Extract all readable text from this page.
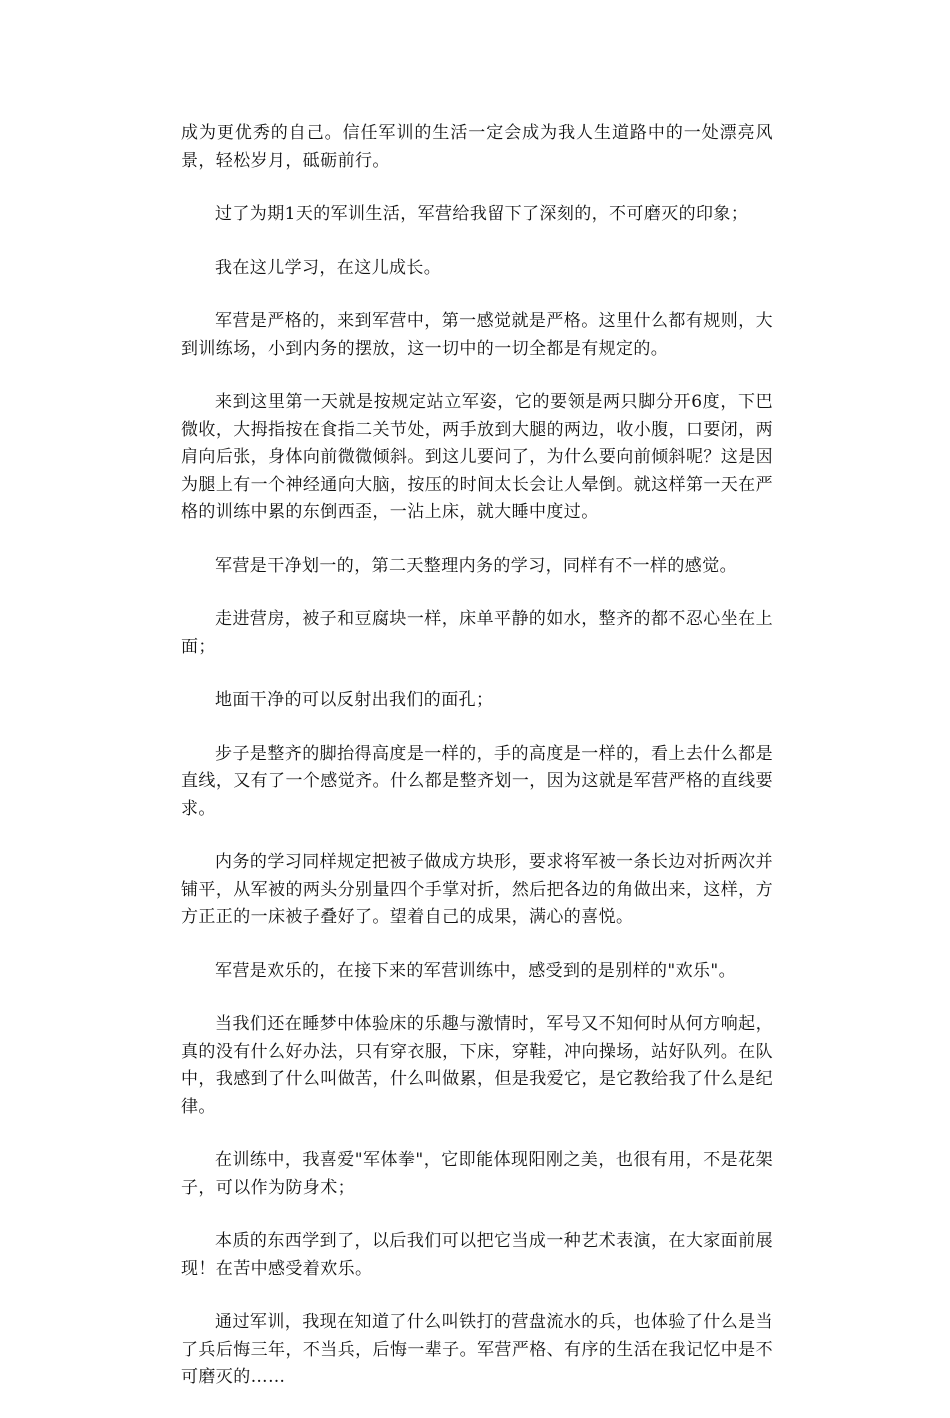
成为更优秀的自己。信任军训的生活一定会成为我人生道路中的一处漂亮风景，轻松岁月，砥砺前行。

过了为期1天的军训生活，军营给我留下了深刻的，不可磨灭的印象；

我在这儿学习，在这儿成长。

军营是严格的，来到军营中，第一感觉就是严格。这里什么都有规则，大到训练场，小到内务的摆放，这一切中的一切全都是有规定的。

来到这里第一天就是按规定站立军姿，它的要领是两只脚分开6度，下巴微收，大拇指按在食指二关节处，两手放到大腿的两边，收小腹，口要闭，两肩向后张，身体向前微微倾斜。到这儿要问了，为什么要向前倾斜呢？这是因为腿上有一个神经通向大脑，按压的时间太长会让人晕倒。就这样第一天在严格的训练中累的东倒西歪，一沾上床，就大睡中度过。

军营是干净划一的，第二天整理内务的学习，同样有不一样的感觉。

走进营房，被子和豆腐块一样，床单平静的如水，整齐的都不忍心坐在上面；

地面干净的可以反射出我们的面孔；

步子是整齐的脚抬得高度是一样的，手的高度是一样的，看上去什么都是直线，又有了一个感觉齐。什么都是整齐划一，因为这就是军营严格的直线要求。

内务的学习同样规定把被子做成方块形，要求将军被一条长边对折两次并铺平，从军被的两头分别量四个手掌对折，然后把各边的角做出来，这样，方方正正的一床被子叠好了。望着自己的成果，满心的喜悦。

军营是欢乐的，在接下来的军营训练中，感受到的是别样的"欢乐"。

当我们还在睡梦中体验床的乐趣与激情时，军号又不知何时从何方响起，真的没有什么好办法，只有穿衣服，下床，穿鞋，冲向操场，站好队列。在队中，我感到了什么叫做苦，什么叫做累，但是我爱它，是它教给我了什么是纪律。

在训练中，我喜爱"军体拳"，它即能体现阳刚之美，也很有用，不是花架子，可以作为防身术；

本质的东西学到了，以后我们可以把它当成一种艺术表演，在大家面前展现！在苦中感受着欢乐。

通过军训，我现在知道了什么叫铁打的营盘流水的兵，也体验了什么是当了兵后悔三年，不当兵，后悔一辈子。军营严格、有序的生活在我记忆中是不可磨灭的……
